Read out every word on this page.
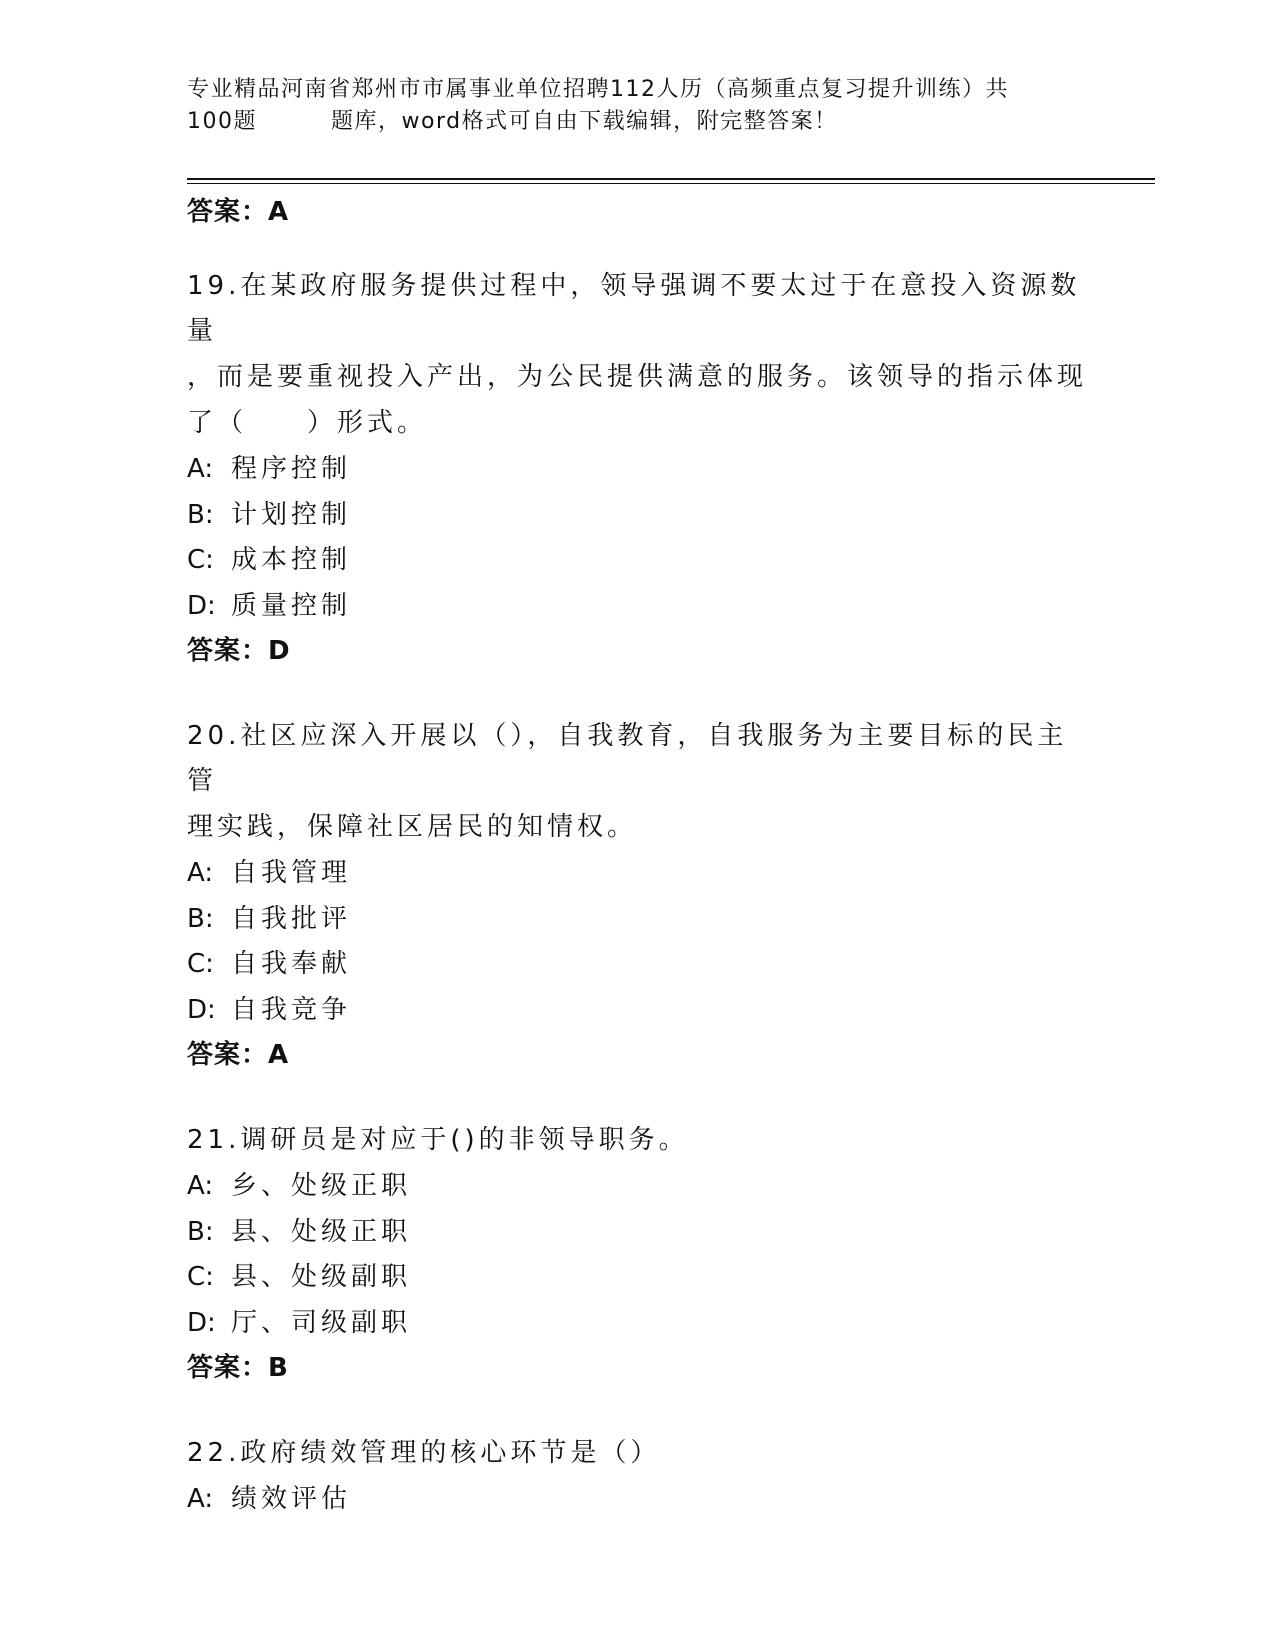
专业精品河南省郑州市市属事业单位招聘112人历（高频重点复习提升训练）共
100题	题库，word格式可自由下载编辑，附完整答案！
答案：A
19.在某政府服务提供过程中，领导强调不要太过于在意投入资源数量
，而是要重视投入产出，为公民提供满意的服务。该领导的指示体现
了（　　）形式。
A: 程序控制
B: 计划控制
C: 成本控制
D: 质量控制
答案：D
20.社区应深入开展以（），自我教育，自我服务为主要目标的民主管
理实践，保障社区居民的知情权。
A: 自我管理
B: 自我批评
C: 自我奉献
D: 自我竞争
答案：A
21.调研员是对应于()的非领导职务。
A: 乡、处级正职
B: 县、处级正职
C: 县、处级副职
D: 厅、司级副职
答案：B
22.政府绩效管理的核心环节是（）
A: 绩效评估
